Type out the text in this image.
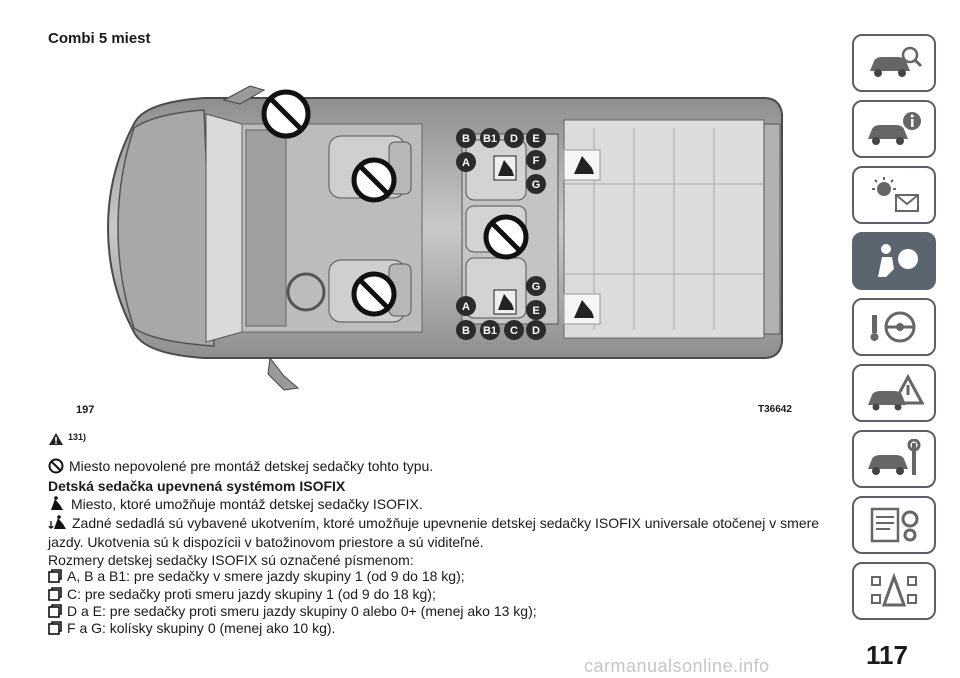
Combi 5 miest
B B1 D E
A	F
G
G
A	E
B B1 C D
197	T36642
131)
Miesto nepovolené pre montáž detskej sedačky tohto typu.
Detská sedačka upevnená systémom ISOFIX
Miesto, ktoré umožňuje montáž detskej sedačky ISOFIX.
Zadné sedadlá sú vybavené ukotvením, ktoré umožňuje upevnenie detskej sedačky ISOFIX universale otočenej v smere jazdy. Ukotvenia sú k dispozícii v batožinovom priestore a sú viditeľné.
Rozmery detskej sedačky ISOFIX sú označené písmenom:
A, B a B1: pre sedačky v smere jazdy skupiny 1 (od 9 do 18 kg);
C: pre sedačky proti smeru jazdy skupiny 1 (od 9 do 18 kg);
D a E: pre sedačky proti smeru jazdy skupiny 0 alebo 0+ (menej ako 13 kg);
F a G: kolísky skupiny 0 (menej ako 10 kg).
117
carmanualsonline.info
